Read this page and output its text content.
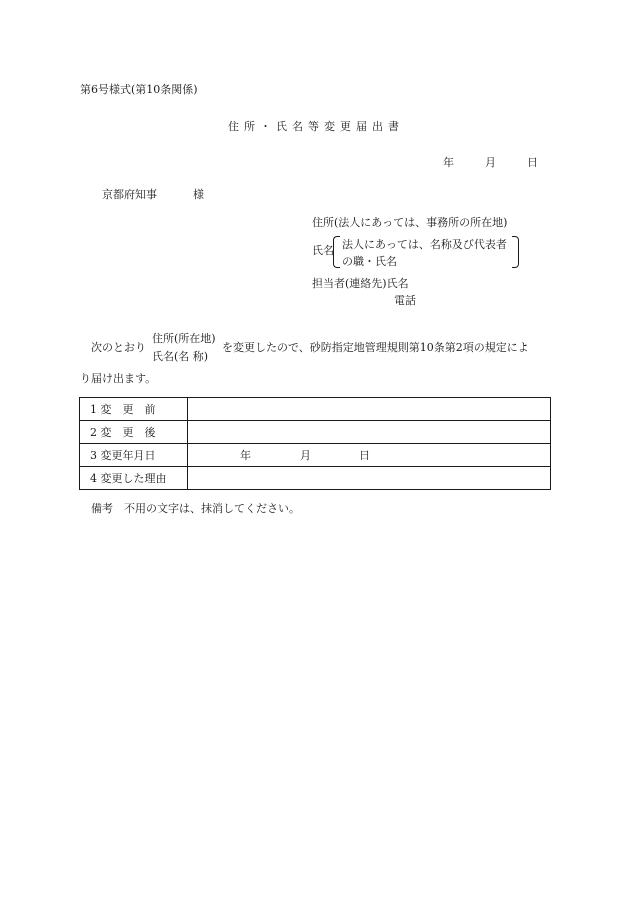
第6号様式(第10条関係)
住所・氏名等変更届出書
年	月	日
京都府知事	様
住所(法人にあっては、事務所の所在地)
氏名 法人にあっては、名称及び代表者
の職・氏名
担当者(連絡先)氏名
電話
次のとおり
住所(所在地)
氏名(名 称)
を変更したので、砂防指定地管理規則第10条第2項の規定によ
り届け出ます。
1 変　更　前	
2 変　更　後	
3 変更年月日	年 月 日

4 変更した理由	
備考　不用の文字は、抹消してください。
